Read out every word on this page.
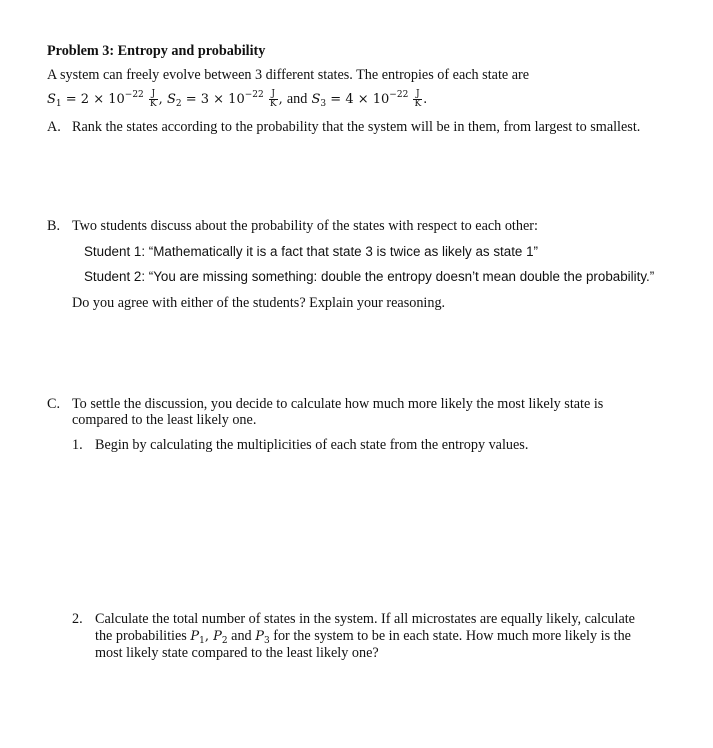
Problem 3: Entropy and probability
A system can freely evolve between 3 different states. The entropies of each state are
$S_1 = 2 \times 10^{-22} \frac{J}{K}$ , $S_2 = 3 \times 10^{-22} \frac{J}{K}$ , and $S_3 = 4 \times 10^{-22} \frac{J}{K}$ .
A. Rank the states according to the probability that the system will be in them, from largest to smallest.
B. Two students discuss about the probability of the states with respect to each other:
Student 1: “Mathematically it is a fact that state 3 is twice as likely as state 1”
Student 2: “You are missing something: double the entropy doesn’t mean double the probability.”
Do you agree with either of the students? Explain your reasoning.
C. To settle the discussion, you decide to calculate how much more likely the most likely state is
compared to the least likely one.
1. Begin by calculating the multiplicities of each state from the entropy values.
2. Calculate the total number of states in the system. If all microstates are equally likely, calculate
the probabilities $P_1$, $P_2$ and $P_3$ for the system to be in each state. How much more likely is the
most likely state compared to the least likely one?
